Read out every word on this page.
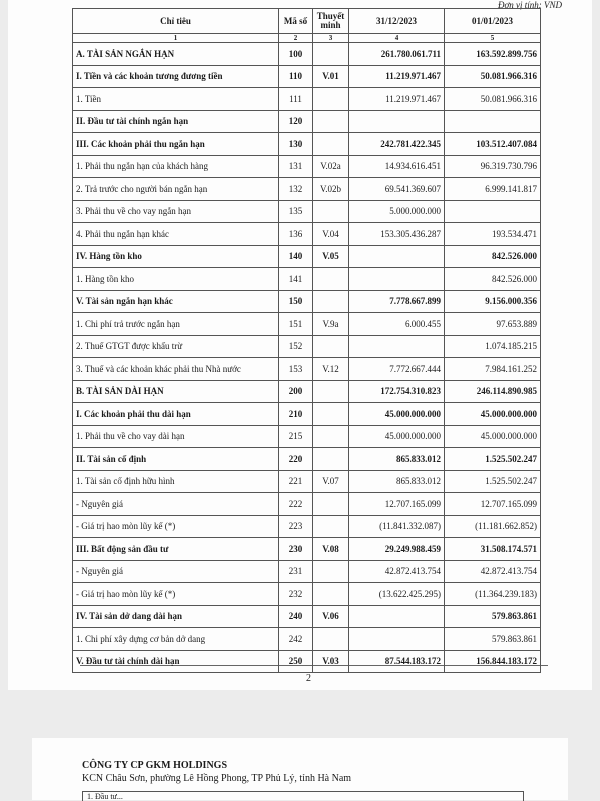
Đơn vị tính: VND
2
Chỉ tiêu	Mã số	Thuyết minh	31/12/2023	01/01/2023
1	2	3	4	5
A. TÀI SẢN NGẮN HẠN	100		261.780.061.711	163.592.899.756
I. Tiền và các khoản tương đương tiền	110	V.01	11.219.971.467	50.081.966.316
1. Tiền	111		11.219.971.467	50.081.966.316
II. Đầu tư tài chính ngắn hạn	120			
III. Các khoản phải thu ngắn hạn	130		242.781.422.345	103.512.407.084
1. Phải thu ngắn hạn của khách hàng	131	V.02a	14.934.616.451	96.319.730.796
2. Trả trước cho người bán ngắn hạn	132	V.02b	69.541.369.607	6.999.141.817
3. Phải thu về cho vay ngắn hạn	135		5.000.000.000	
4. Phải thu ngắn hạn khác	136	V.04	153.305.436.287	193.534.471
IV. Hàng tồn kho	140	V.05		842.526.000
1. Hàng tồn kho	141			842.526.000
V. Tài sản ngắn hạn khác	150		7.778.667.899	9.156.000.356
1. Chi phí trả trước ngắn hạn	151	V.9a	6.000.455	97.653.889
2. Thuế GTGT được khấu trừ	152			1.074.185.215
3. Thuế và các khoản khác phải thu Nhà nước	153	V.12	7.772.667.444	7.984.161.252
B. TÀI SẢN DÀI HẠN	200		172.754.310.823	246.114.890.985
I. Các khoản phải thu dài hạn	210		45.000.000.000	45.000.000.000
1. Phải thu về cho vay dài hạn	215		45.000.000.000	45.000.000.000
II. Tài sản cố định	220		865.833.012	1.525.502.247
1. Tài sản cố định hữu hình	221	V.07	865.833.012	1.525.502.247
- Nguyên giá	222		12.707.165.099	12.707.165.099
- Giá trị hao mòn lũy kế (*)	223		(11.841.332.087)	(11.181.662.852)
III. Bất động sản đầu tư	230	V.08	29.249.988.459	31.508.174.571
- Nguyên giá	231		42.872.413.754	42.872.413.754
- Giá trị hao mòn lũy kế (*)	232		(13.622.425.295)	(11.364.239.183)
IV. Tài sản dở dang dài hạn	240	V.06		579.863.861
1. Chi phí xây dựng cơ bản dở dang	242			579.863.861
V. Đầu tư tài chính dài hạn	250	V.03	87.544.183.172	156.844.183.172
CÔNG TY CP GKM HOLDINGS
KCN Châu Sơn, phường Lê Hồng Phong, TP Phủ Lý, tỉnh Hà Nam
1. Đầu tư...
